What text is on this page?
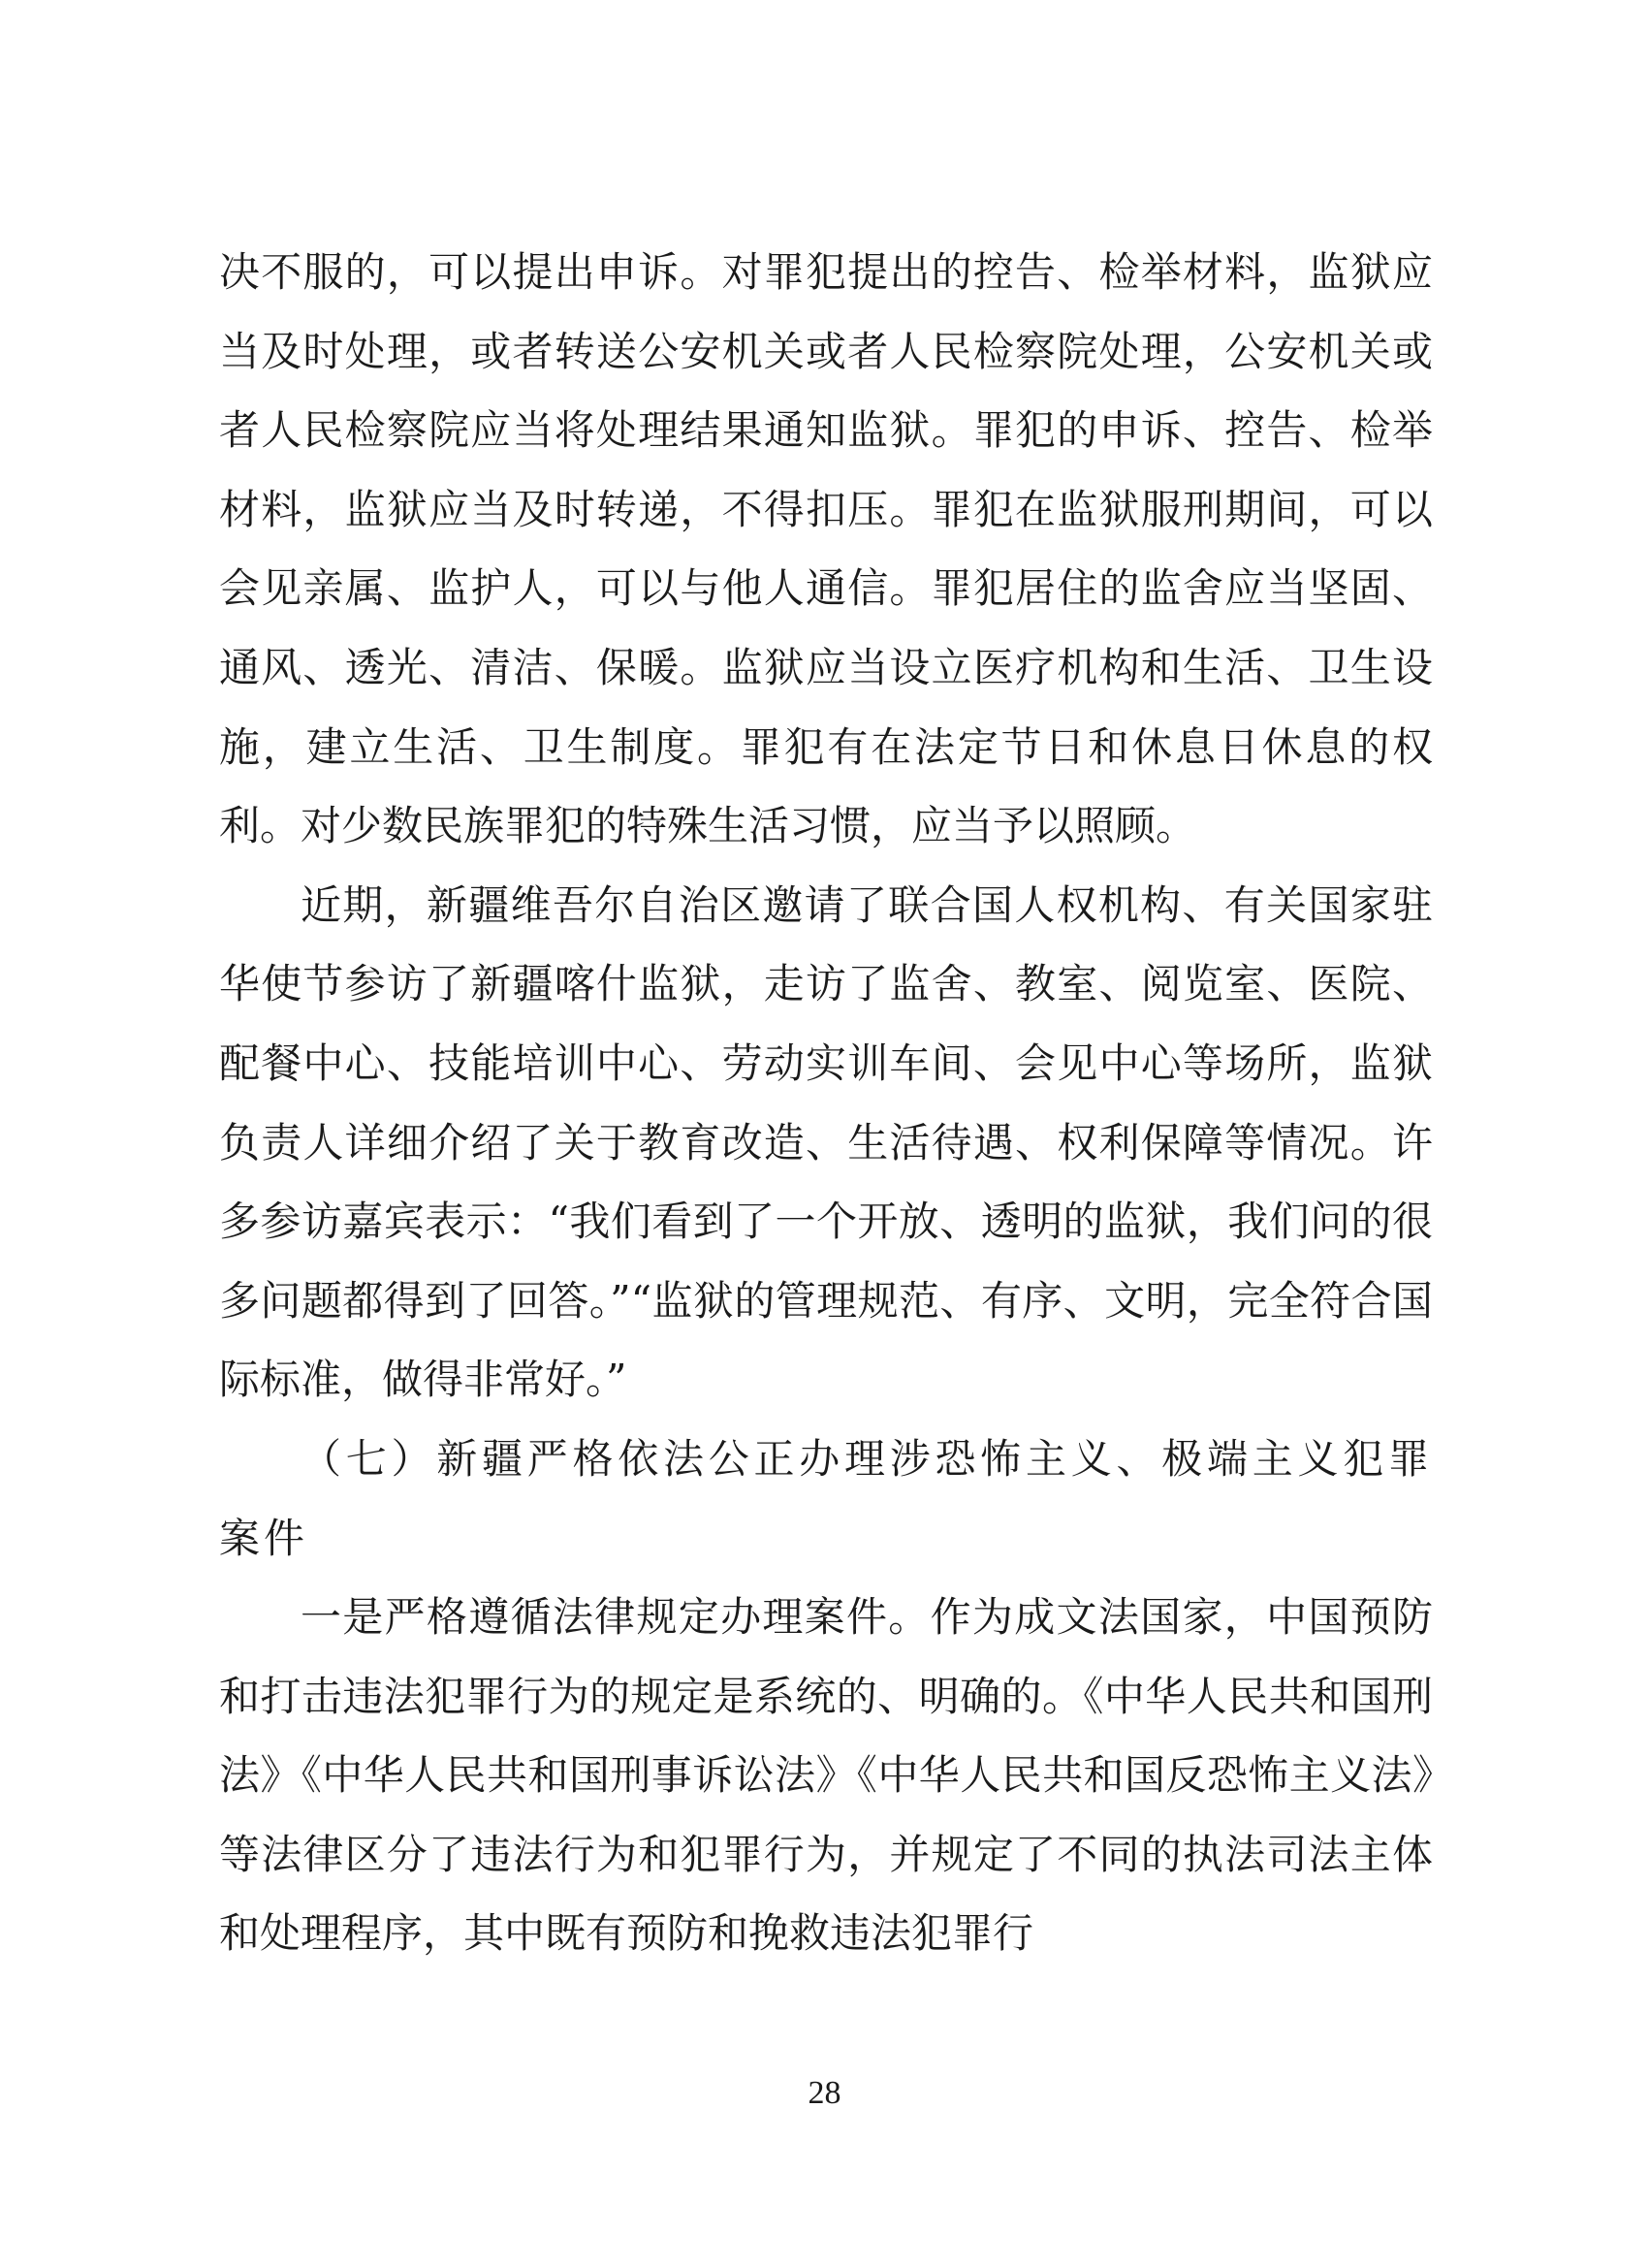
决不服的，可以提出申诉。对罪犯提出的控告、检举材料，监狱应当及时处理，或者转送公安机关或者人民检察院处理，公安机关或者人民检察院应当将处理结果通知监狱。罪犯的申诉、控告、检举材料，监狱应当及时转递，不得扣压。罪犯在监狱服刑期间，可以会见亲属、监护人，可以与他人通信。罪犯居住的监舍应当坚固、通风、透光、清洁、保暖。监狱应当设立医疗机构和生活、卫生设施，建立生活、卫生制度。罪犯有在法定节日和休息日休息的权利。对少数民族罪犯的特殊生活习惯，应当予以照顾。

近期，新疆维吾尔自治区邀请了联合国人权机构、有关国家驻华使节参访了新疆喀什监狱，走访了监舍、教室、阅览室、医院、配餐中心、技能培训中心、劳动实训车间、会见中心等场所，监狱负责人详细介绍了关于教育改造、生活待遇、权利保障等情况。许多参访嘉宾表示：“我们看到了一个开放、透明的监狱，我们问的很多问题都得到了回答。”“监狱的管理规范、有序、文明，完全符合国际标准，做得非常好。”

（七）新疆严格依法公正办理涉恐怖主义、极端主义犯罪案件

一是严格遵循法律规定办理案件。作为成文法国家，中国预防和打击违法犯罪行为的规定是系统的、明确的。《中华人民共和国刑法》《中华人民共和国刑事诉讼法》《中华人民共和国反恐怖主义法》等法律区分了违法行为和犯罪行为，并规定了不同的执法司法主体和处理程序，其中既有预防和挽救违法犯罪行

28
